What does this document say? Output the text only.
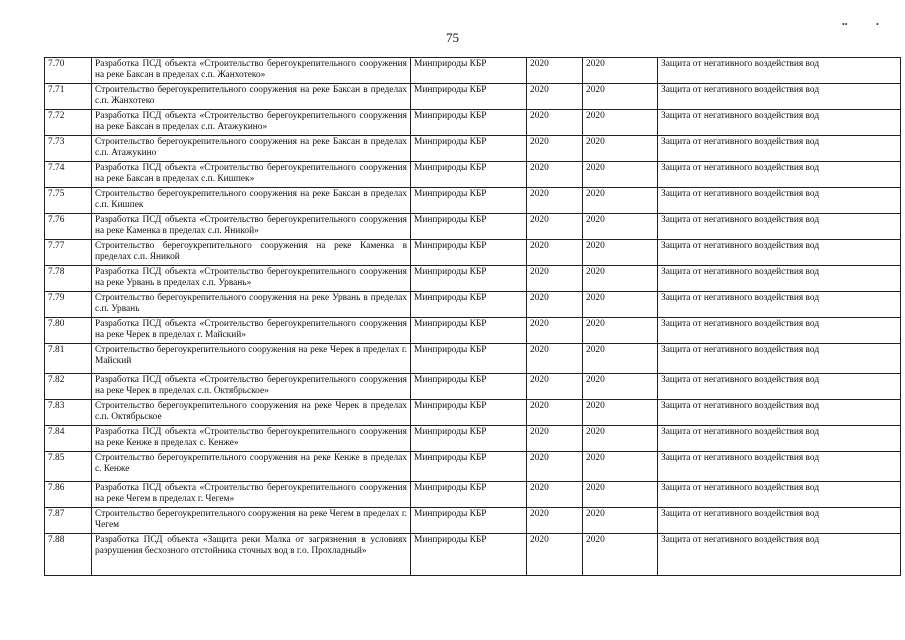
75
••	•
7.70	Разработка ПСД объекта «Строительство берегоукрепительного сооружения на реке Баксан в пределах с.п. Жанхотеко»	Минприроды КБР	2020	2020	Защита от негативного воздействия вод
7.71	Строительство берегоукрепительного сооружения на реке Баксан в пределах с.п. Жанхотеко	Минприроды КБР	2020	2020	Защита от негативного воздействия вод
7.72	Разработка ПСД объекта «Строительство берегоукрепительного сооружения на реке Баксан в пределах с.п. Атажукино»	Минприроды КБР	2020	2020	Защита от негативного воздействия вод
7.73	Строительство берегоукрепительного сооружения на реке Баксан в пределах с.п. Атажукино	Минприроды КБР	2020	2020	Защита от негативного воздействия вод
7.74	Разработка ПСД объекта «Строительство берегоукрепительного сооружения на реке Баксан в пределах с.п. Кишпек»	Минприроды КБР	2020	2020	Защита от негативного воздействия вод
7.75	Строительство берегоукрепительного сооружения на реке Баксан в пределах с.п. Кишпек	Минприроды КБР	2020	2020	Защита от негативного воздействия вод
7.76	Разработка ПСД объекта «Строительство берегоукрепительного сооружения на реке Каменка в пределах с.п. Яникой»	Минприроды КБР	2020	2020	Защита от негативного воздействия вод
7.77	Строительство берегоукрепительного сооружения на реке Каменка в пределах с.п. Яникой	Минприроды КБР	2020	2020	Защита от негативного воздействия вод
7.78	Разработка ПСД объекта «Строительство берегоукрепительного сооружения на реке Урвань в пределах с.п. Урвань»	Минприроды КБР	2020	2020	Защита от негативного воздействия вод
7.79	Строительство берегоукрепительного сооружения на реке Урвань в пределах с.п. Урвань	Минприроды КБР	2020	2020	Защита от негативного воздействия вод
7.80	Разработка ПСД объекта «Строительство берегоукрепительного сооружения на реке Черек в пределах г. Майский»	Минприроды КБР	2020	2020	Защита от негативного воздействия вод
7.81	Строительство берегоукрепительного сооружения на реке Черек в пределах г. Майский	Минприроды КБР	2020	2020	Защита от негативного воздействия вод
7.82	Разработка ПСД объекта «Строительство берегоукрепительного сооружения на реке Черек в пределах с.п. Октябрьское»	Минприроды КБР	2020	2020	Защита от негативного воздействия вод
7.83	Строительство берегоукрепительного сооружения на реке Черек в пределах с.п. Октябрьское	Минприроды КБР	2020	2020	Защита от негативного воздействия вод
7.84	Разработка ПСД объекта «Строительство берегоукрепительного сооружения на реке Кенже в пределах с. Кенже»	Минприроды КБР	2020	2020	Защита от негативного воздействия вод
7.85	Строительство берегоукрепительного сооружения на реке Кенже в пределах с. Кенже	Минприроды КБР	2020	2020	Защита от негативного воздействия вод
7.86	Разработка ПСД объекта «Строительство берегоукрепительного сооружения на реке Чегем в пределах г. Чегем»	Минприроды КБР	2020	2020	Защита от негативного воздействия вод
7.87	Строительство берегоукрепительного сооружения на реке Чегем в пределах г. Чегем	Минприроды КБР	2020	2020	Защита от негативного воздействия вод
7.88	Разработка ПСД объекта «Защита реки Малка от загрязнения в условиях разрушения бесхозного отстойника сточных вод в г.о. Прохладный»	Минприроды КБР	2020	2020	Защита от негативного воздействия вод
